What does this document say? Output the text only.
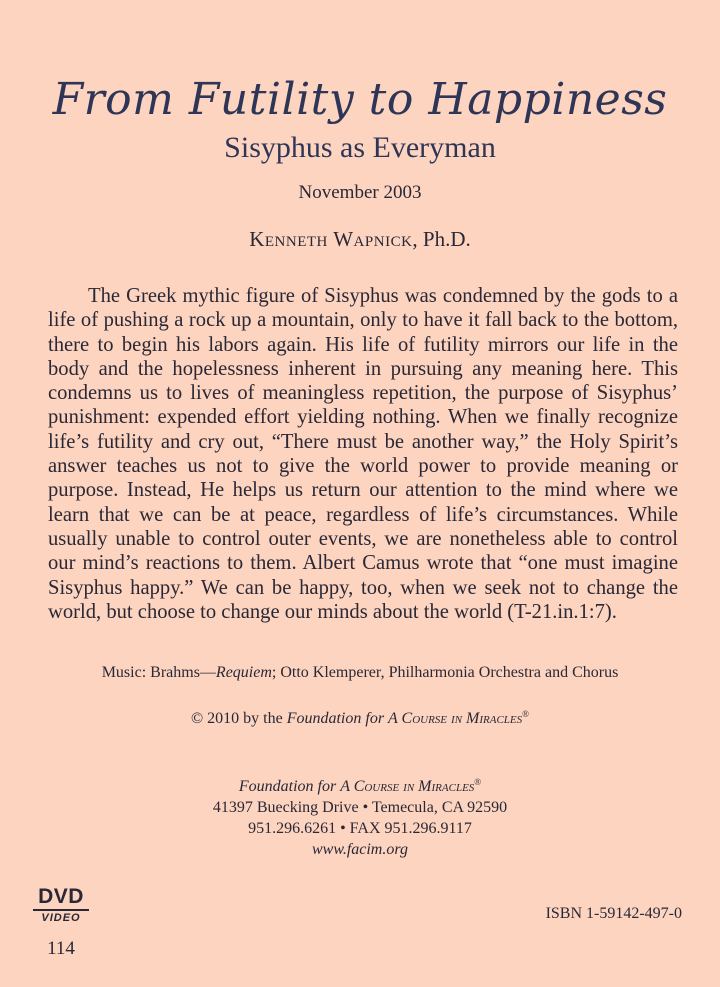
From Futility to Happiness
Sisyphus as Everyman
November 2003
Kenneth Wapnick, Ph.D.
The Greek mythic figure of Sisyphus was condemned by the gods to a life of pushing a rock up a mountain, only to have it fall back to the bottom, there to begin his labors again. His life of futility mirrors our life in the body and the hopelessness inherent in pursuing any meaning here. This condemns us to lives of meaningless repetition, the purpose of Sisyphus’ punishment: expended effort yielding nothing. When we finally recognize life’s futility and cry out, “There must be another way,” the Holy Spirit’s answer teaches us not to give the world power to provide meaning or purpose. Instead, He helps us return our attention to the mind where we learn that we can be at peace, regardless of life’s circumstances. While usually unable to control outer events, we are nonetheless able to control our mind’s reactions to them. Albert Camus wrote that “one must imagine Sisyphus happy.” We can be happy, too, when we seek not to change the world, but choose to change our minds about the world (T-21.in.1:7).
Music: Brahms—Requiem; Otto Klemperer, Philharmonia Orchestra and Chorus
© 2010 by the Foundation for A Course in Miracles®
Foundation for A Course in Miracles®
41397 Buecking Drive • Temecula, CA 92590
951.296.6261 • FAX 951.296.9117
www.facim.org
DVD
VIDEO
114
ISBN 1-59142-497-0
